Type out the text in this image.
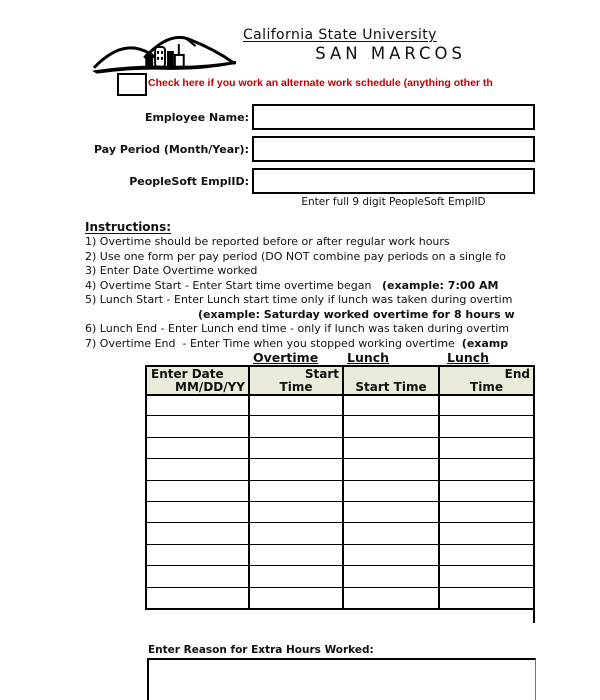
California State University
SAN MARCOS
Check here if you work an alternate work schedule (anything other th
Employee Name:
Pay Period (Month/Year):
PeopleSoft EmplID:
Enter full 9 digit PeopleSoft EmplID
Instructions:
1) Overtime should be reported before or after regular work hours
2) Use one form per pay period (DO NOT combine pay periods on a single fo
3) Enter Date Overtime worked
4) Overtime Start - Enter Start time overtime began   (example: 7:00 AM
5) Lunch Start - Enter Lunch start time only if lunch was taken during overtim
(example: Saturday worked overtime for 8 hours w
6) Lunch End - Enter Lunch end time - only if lunch was taken during overtim
7) Overtime End  - Enter Time when you stopped working overtime  (examp
Overtime Lunch	Lunch
Enter Date
MM/DD/YY
Start
Time	Start Time
End
Time
Enter Reason for Extra Hours Worked:
